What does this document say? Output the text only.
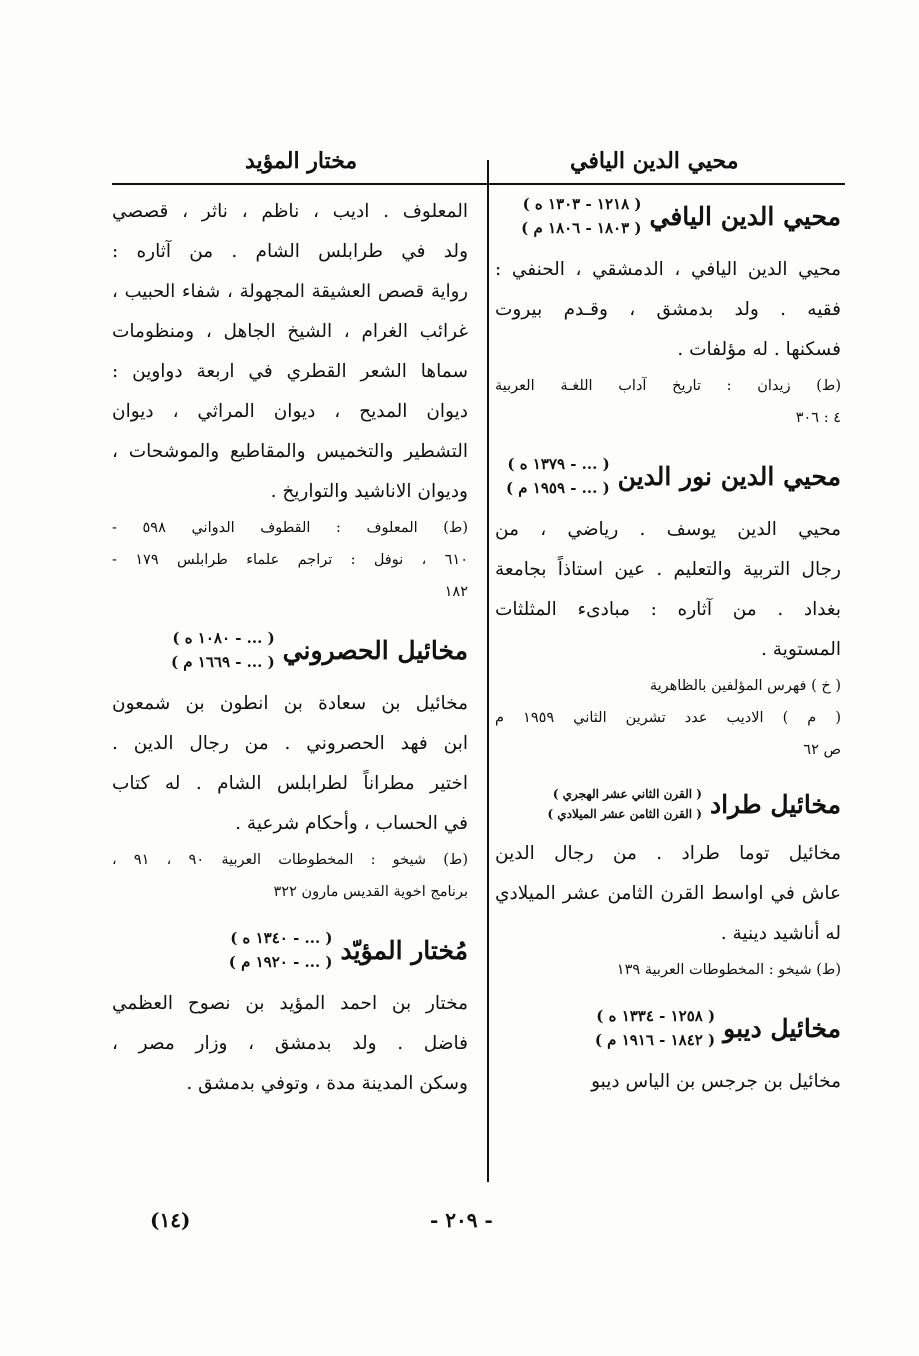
محيي الدين اليافي
مختار المؤيد
محيي الدين اليافي
( ١٢١٨ - ١٣٠٣ ه )
( ١٨٠٣ - ١٨٠٦ م )
محيي الدين اليافي ، الدمشقي ، الحنفي :
فقيه . ولد بدمشق ، وقـدم بيروت
فسكنها . له مؤلفات .
(ط) زيدان : تاريخ آداب اللغـة العربية
٤ : ٣٠٦
محيي الدين نور الدين
( ... - ١٣٧٩ ه )
( ... - ١٩٥٩ م )
محيي الدين يوسف . رياضي ، من
رجال التربية والتعليم . عين استاذاً بجامعة
بغداد . من آثاره : مبادىء المثلثات
المستوية .
( خ ) فهرس المؤلفين بالظاهرية
( م ) الاديب عدد تشرين الثاني ١٩٥٩ م
ص ٦٢
مخائيل طراد
( القرن الثاني عشر الهجري )
( القرن الثامن عشر الميلادي )
مخائيل توما طراد . من رجال الدين
عاش في اواسط القرن الثامن عشر الميلادي
له أناشيد دينية .
(ط) شيخو : المخطوطات العربية ١٣٩
مخائيل ديبو
( ١٢٥٨ - ١٣٣٤ ه )
( ١٨٤٢ - ١٩١٦ م )
مخائيل بن جرجس بن الياس ديبو
المعلوف . اديب ، ناظم ، ناثر ، قصصي
ولد في طرابلس الشام . من آثاره :
رواية قصص العشيقة المجهولة ، شفاء الحبيب ،
غرائب الغرام ، الشيخ الجاهل ، ومنظومات
سماها الشعر القطري في اربعة دواوين :
ديوان المديح ، ديوان المراثي ، ديوان
التشطير والتخميس والمقاطيع والموشحات ،
وديوان الاناشيد والتواريخ .
(ط) المعلوف : القطوف الدواني ٥٩٨ -
٦١٠ ، نوفل : تراجم علماء طرابلس ١٧٩ -
١٨٢
مخائيل الحصروني
( ... - ١٠٨٠ ه )
( ... - ١٦٦٩ م )
مخائيل بن سعادة بن انطون بن شمعون
ابن فهد الحصروني . من رجال الدين .
اختير مطراناً لطرابلس الشام . له كتاب
في الحساب ، وأحكام شرعية .
(ط) شيخو : المخطوطات العربية ٩٠ ، ٩١ ،
برنامج اخوية القديس مارون ٣٢٢
مُختار المؤيّد
( ... - ١٣٤٠ ه )
( ... - ١٩٢٠ م )
مختار بن احمد المؤيد بن نصوح العظمي
فاضل . ولد بدمشق ، وزار مصر ،
وسكن المدينة مدة ، وتوفي بدمشق .
- ٢٠٩ -
(١٤)
